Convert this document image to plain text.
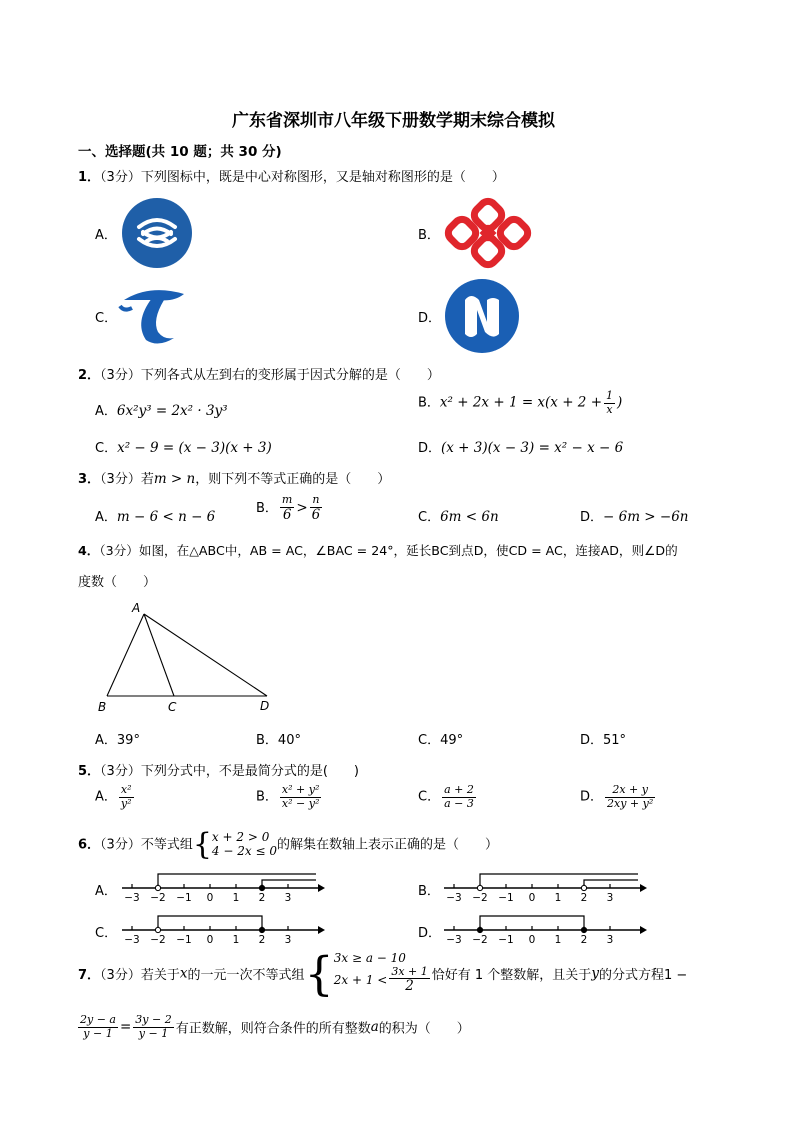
广东省深圳市八年级下册数学期末综合模拟
一、选择题(共 10 题；共 30 分)
1．（3分）下列图标中，既是中心对称图形，又是轴对称图形的是（　　）
A．	B．
C．	D．
2．（3分）下列各式从左到右的变形属于因式分解的是（　　）
A．6x²y³ = 2x² · 3y³	B．$x^2 + 2x + 1 = x(x + 2 + \frac{1}{x}$ )
C．x² − 9 = (x − 3)(x + 3)	D．(x + 3)(x − 3) = x² − x − 6
3．（3分）若m > n，则下列不等式正确的是（　　）
A．m − 6 < n − 6
B． $\frac{m}{6} > \frac{n}{6}$	C．6m < 6n	D．− 6m > −6n
4．（3分）如图，在△ABC中，AB = AC，∠BAC = 24°，延长BC到点D，使CD = AC，连接AD，则∠D的
度数（　　）
A
B	C	D
A．39°	B．40°	C．49°	D．51°
5．（3分）下列分式中，不是最简分式的是(　　)
A． $\frac{\text{x²}}{\text{y²}}$	B． $\frac{\text{x² + y²}}{\text{x² − y²}}$	C． $\frac{a + 2}{a - 3}$	D． $\frac{2x + y}{\text{2xy + y²}}$
6．（3分）不等式组{ x + 2 > 0
4 − 2x ≤ 0 的解集在数轴上表示正确的是（　　）
A．	B．
C．	D．
−3 −2 −1 0 1 2 3	−3 −2 −1 0 1 2 3
−3 −2 −1 0 1 2 3	−3 −2 −1 0 1 2 3
7．（3分）若关于x的一元一次不等式组{ 3x ≥ a − 10
$2x + 1 < \frac{3x + 1}{2}$ 恰好有 1 个整数解，且关于y的分式方程1 −
$\frac{2y - a}{y - 1} = \frac{3y - 2}{y - 1}$ 有正数解，则符合条件的所有整数a的积为（　　）
